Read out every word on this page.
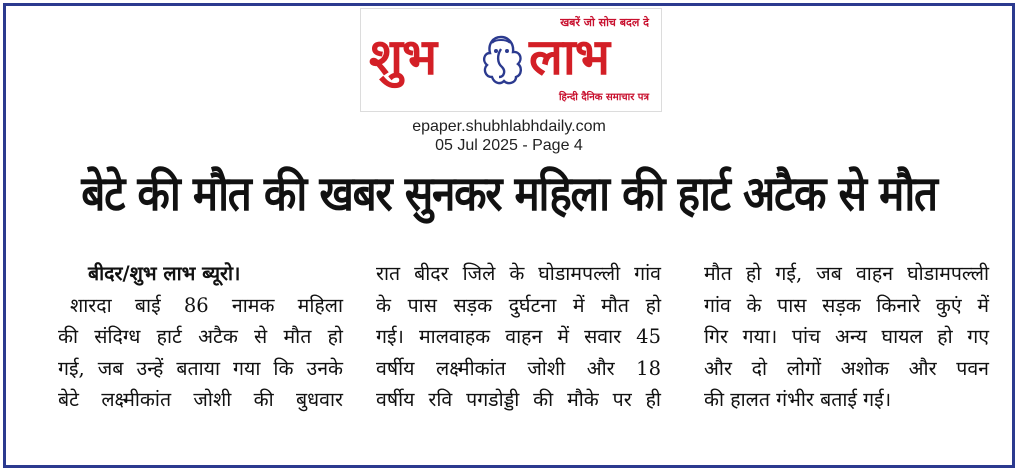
खबरें जो सोच बदल दे
शुभ लाभ
हिन्दी दैनिक समाचार पत्र
epaper.shubhlabhdaily.com
05 Jul 2025 - Page 4
बेटे की मौत की खबर सुनकर महिला की हार्ट अटैक से मौत
बीदर/शुभ लाभ ब्यूरो।
शारदा बाई 86 नामक महिला
की संदिग्ध हार्ट अटैक से मौत हो
गई, जब उन्हें बताया गया कि उनके
बेटे लक्ष्मीकांत जोशी की बुधवार
रात बीदर जिले के घोडामपल्ली गांव
के पास सड़क दुर्घटना में मौत हो
गई। मालवाहक वाहन में सवार 45
वर्षीय लक्ष्मीकांत जोशी और 18
वर्षीय रवि पगडोड्डी की मौके पर ही
मौत हो गई, जब वाहन घोडामपल्ली
गांव के पास सड़क किनारे कुएं में
गिर गया। पांच अन्य घायल हो गए
और दो लोगों अशोक और पवन
की हालत गंभीर बताई गई।
